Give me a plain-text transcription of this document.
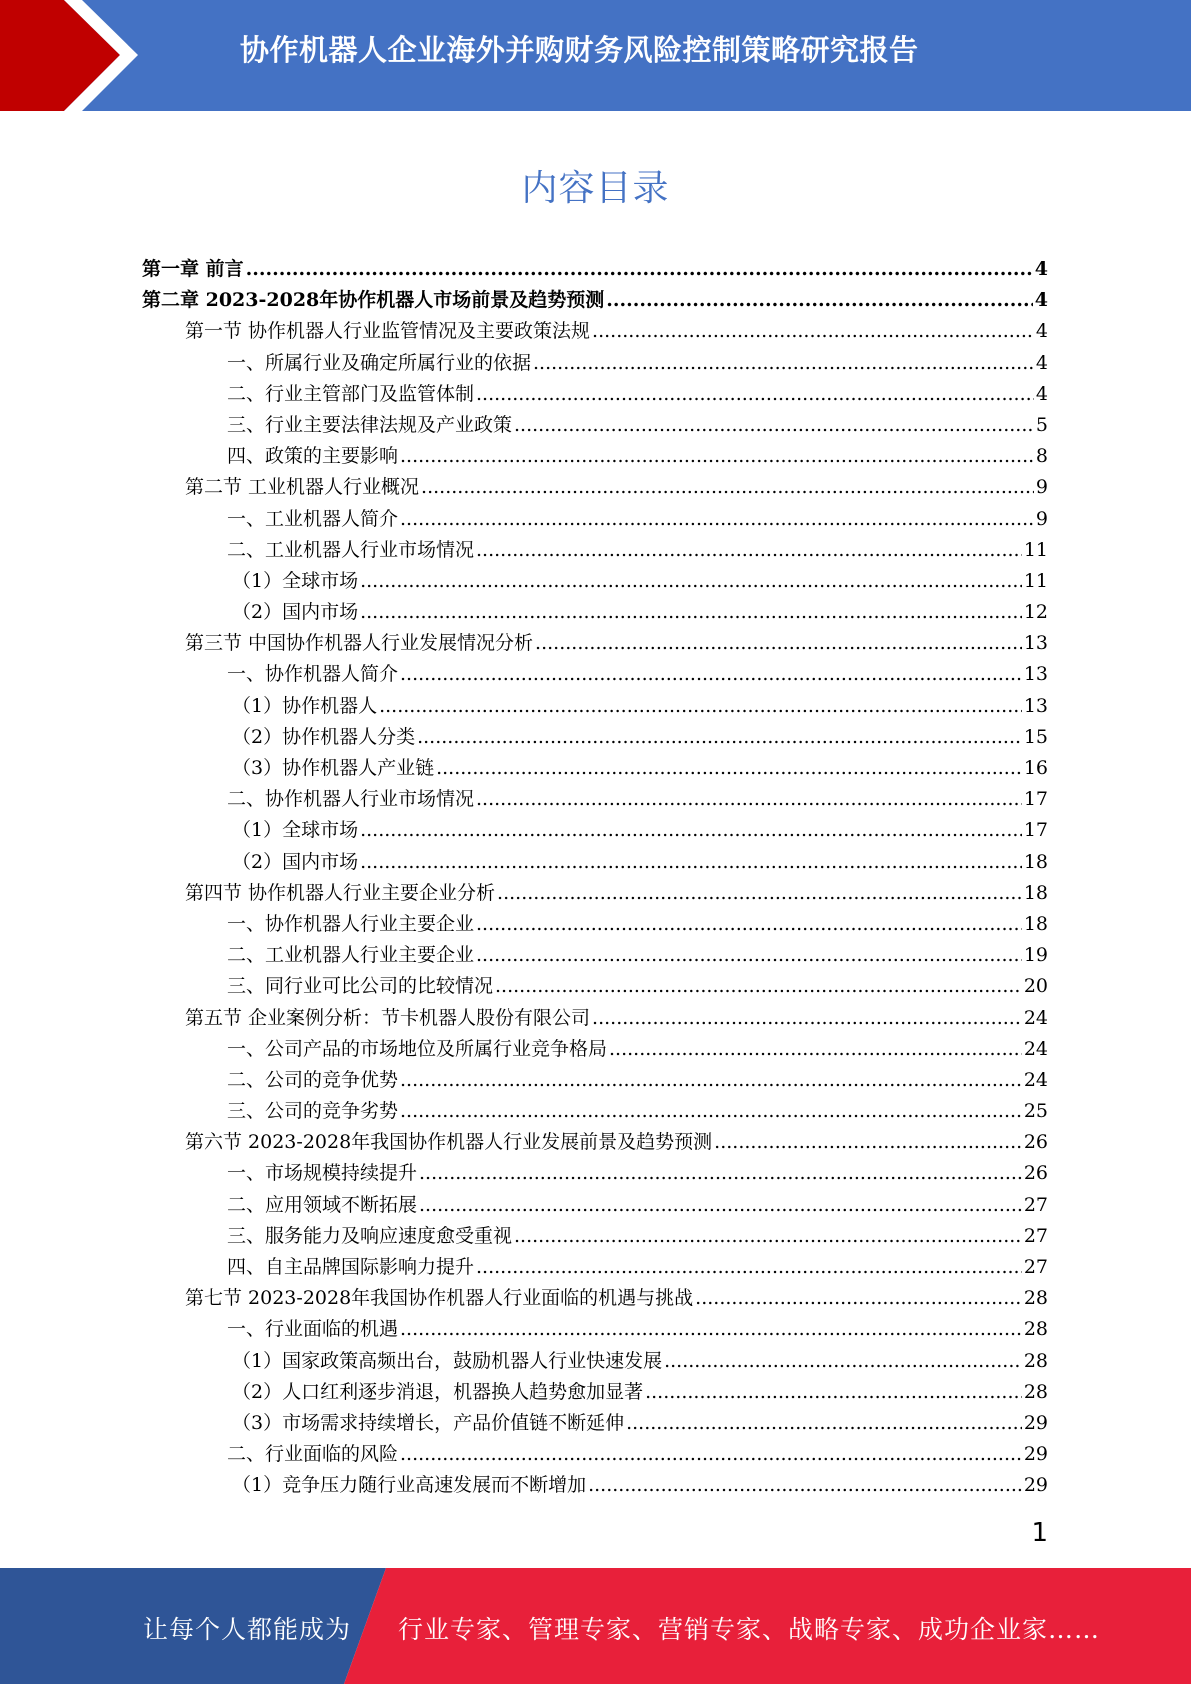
协作机器人企业海外并购财务风险控制策略研究报告
内容目录
第一章 前言 .....	4
第二章 2023-2028年协作机器人市场前景及趋势预测 .....	4
第一节 协作机器人行业监管情况及主要政策法规 .....	4
一、所属行业及确定所属行业的依据 .....	4
二、行业主管部门及监管体制 .....	4
三、行业主要法律法规及产业政策 .....	5
四、政策的主要影响 .....	8
第二节 工业机器人行业概况 .....	9
一、工业机器人简介 .....	9
二、工业机器人行业市场情况 .....	11
（1）全球市场 .....	11
（2）国内市场 .....	12
第三节 中国协作机器人行业发展情况分析 .....	13
一、协作机器人简介 .....	13
（1）协作机器人 .....	13
（2）协作机器人分类 .....	15
（3）协作机器人产业链 .....	16
二、协作机器人行业市场情况 .....	17
（1）全球市场 .....	17
（2）国内市场 .....	18
第四节 协作机器人行业主要企业分析 .....	18
一、协作机器人行业主要企业 .....	18
二、工业机器人行业主要企业 .....	19
三、同行业可比公司的比较情况 .....	20
第五节 企业案例分析：节卡机器人股份有限公司 .....	24
一、公司产品的市场地位及所属行业竞争格局 .....	24
二、公司的竞争优势 .....	24
三、公司的竞争劣势 .....	25
第六节 2023-2028年我国协作机器人行业发展前景及趋势预测 .....	26
一、市场规模持续提升 .....	26
二、应用领域不断拓展 .....	27
三、服务能力及响应速度愈受重视 .....	27
四、自主品牌国际影响力提升 .....	27
第七节 2023-2028年我国协作机器人行业面临的机遇与挑战 .....	28
一、行业面临的机遇 .....	28
（1）国家政策高频出台，鼓励机器人行业快速发展 .....	28
（2）人口红利逐步消退，机器换人趋势愈加显著 .....	28
（3）市场需求持续增长，产品价值链不断延伸 .....	29
二、行业面临的风险 .....	29
（1）竞争压力随行业高速发展而不断增加 .....	29
1
让每个人都能成为 行业专家、管理专家、营销专家、战略专家、成功企业家……
